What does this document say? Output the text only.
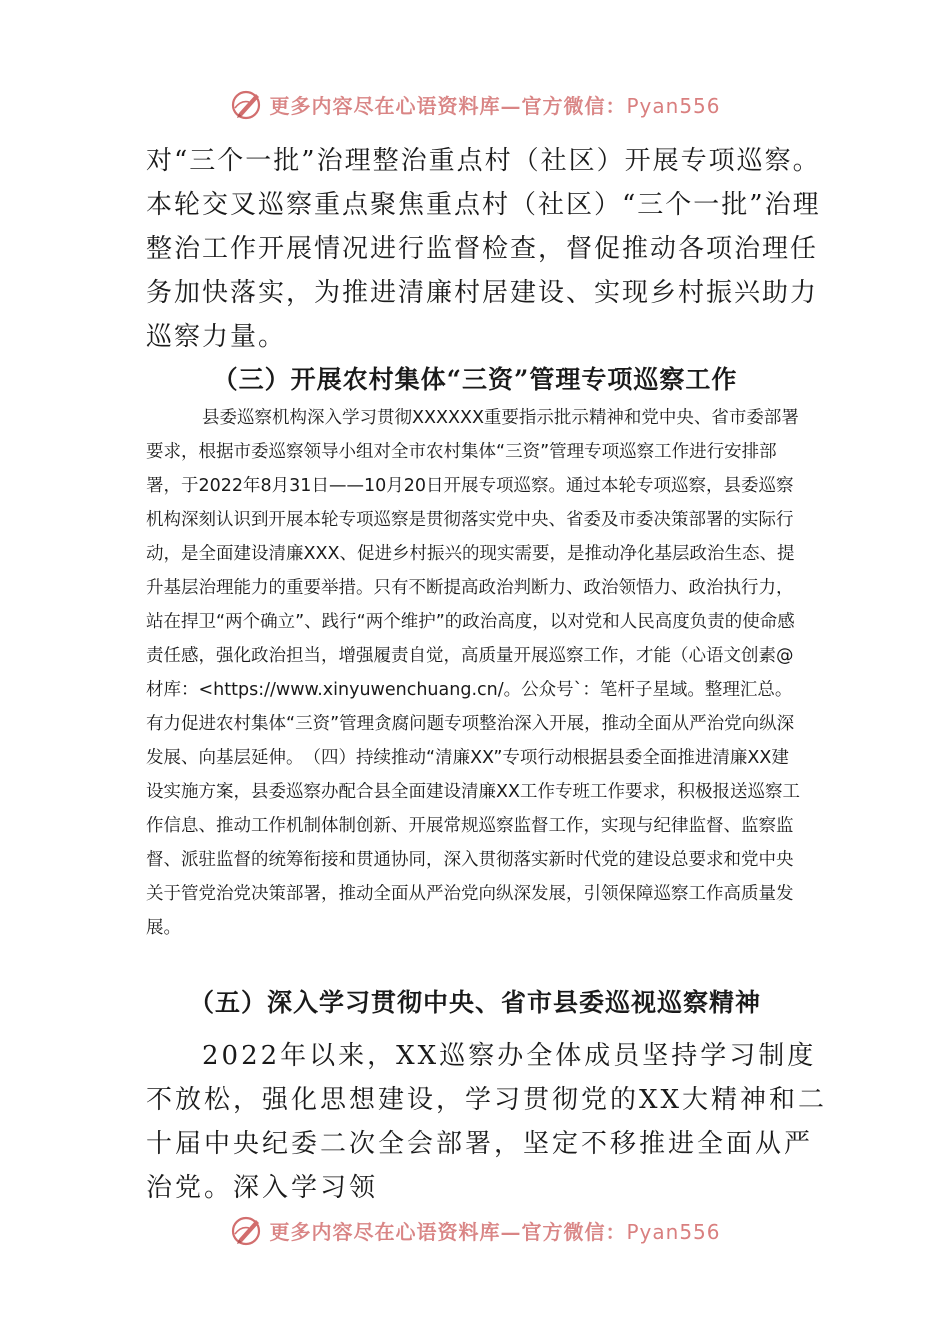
更多内容尽在心语资料库—官方微信：Pyan556

对“三个一批”治理整治重点村（社区）开展专项巡察。本轮交叉巡察重点聚焦重点村（社区）“三个一批”治理整治工作开展情况进行监督检查，督促推动各项治理任务加快落实，为推进清廉村居建设、实现乡村振兴助力巡察力量。

（三）开展农村集体“三资”管理专项巡察工作

县委巡察机构深入学习贯彻XXXXXX重要指示批示精神和党中央、省市委部署要求，根据市委巡察领导小组对全市农村集体“三资”管理专项巡察工作进行安排部署，于2022年8月31日——10月20日开展专项巡察。通过本轮专项巡察，县委巡察机构深刻认识到开展本轮专项巡察是贯彻落实党中央、省委及市委决策部署的实际行动，是全面建设清廉XXX、促进乡村振兴的现实需要，是推动净化基层政治生态、提升基层治理能力的重要举措。只有不断提高政治判断力、政治领悟力、政治执行力，站在捍卫“两个确立”、践行“两个维护”的政治高度，以对党和人民高度负责的使命感责任感，强化政治担当，增强履责自觉，高质量开展巡察工作，才能（心语文创素@材库：<https://www.xinyuwenchuang.cn/。公众号`：笔杆子星域。整理汇总。有力促进农村集体“三资”管理贪腐问题专项整治深入开展，推动全面从严治党向纵深发展、向基层延伸。　（四）持续推动“清廉XX”专项行动根据县委全面推进清廉XX建设实施方案，县委巡察办配合县全面建设清廉XX工作专班工作要求，积极报送巡察工作信息、推动工作机制体制创新、开展常规巡察监督工作，实现与纪律监督、监察监督、派驻监督的统筹衔接和贯通协同，深入贯彻落实新时代党的建设总要求和党中央关于管党治党决策部署，推动全面从严治党向纵深发展，引领保障巡察工作高质量发展。

（五）深入学习贯彻中央、省市县委巡视巡察精神

2022年以来，XX巡察办全体成员坚持学习制度不放松，强化思想建设，学习贯彻党的XX大精神和二十届中央纪委二次全会部署，坚定不移推进全面从严治党。深入学习领

更多内容尽在心语资料库—官方微信：Pyan556
